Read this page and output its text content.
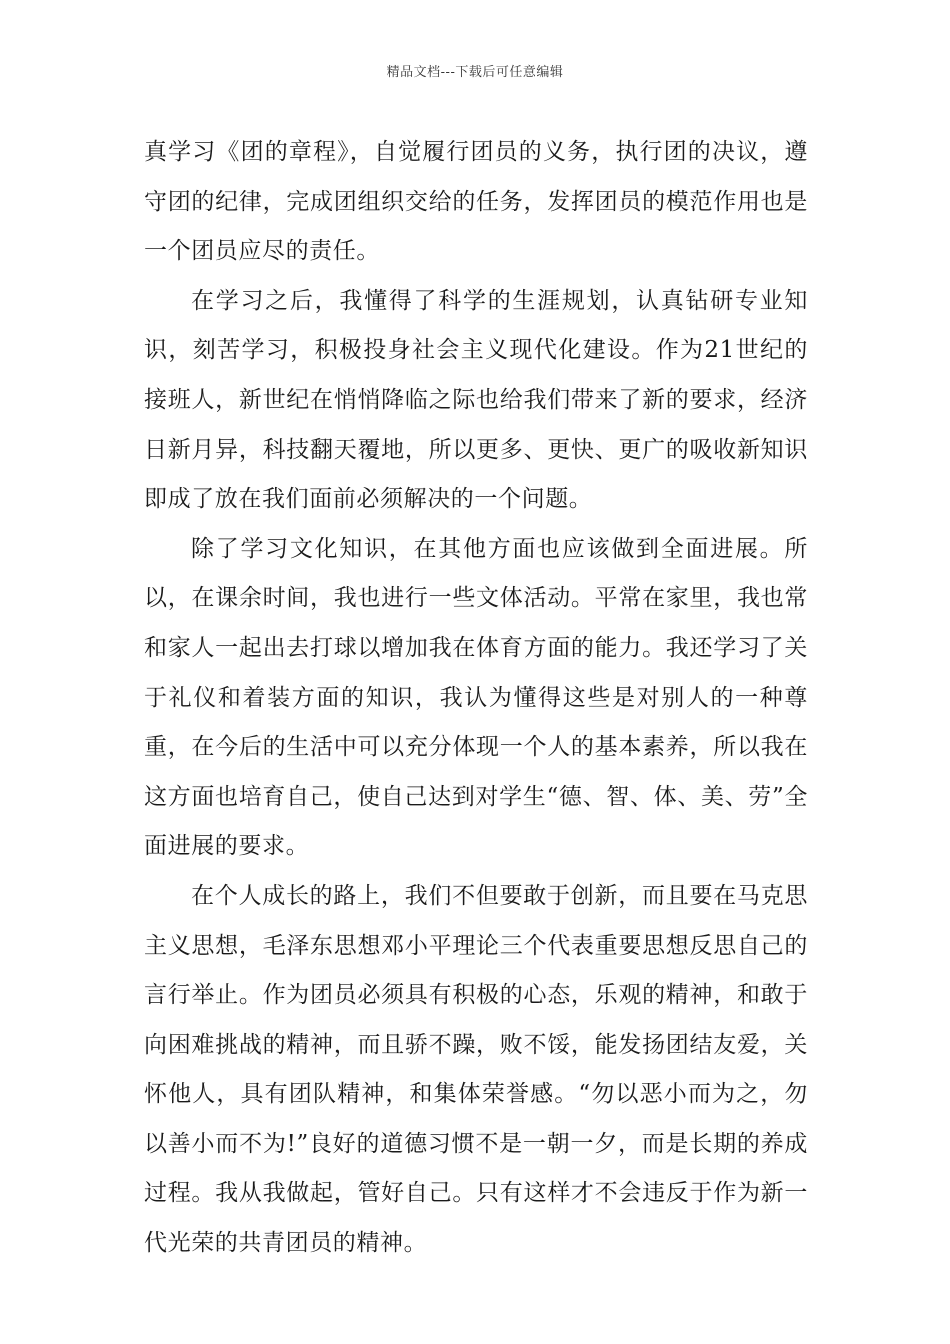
精品文档---下载后可任意编辑

真学习《团的章程》，自觉履行团员的义务，执行团的决议，遵守团的纪律，完成团组织交给的任务，发挥团员的模范作用也是一个团员应尽的责任。

在学习之后，我懂得了科学的生涯规划，认真钻研专业知识，刻苦学习，积极投身社会主义现代化建设。作为21世纪的接班人，新世纪在悄悄降临之际也给我们带来了新的要求，经济日新月异，科技翻天覆地，所以更多、更快、更广的吸收新知识即成了放在我们面前必须解决的一个问题。

除了学习文化知识，在其他方面也应该做到全面进展。所以，在课余时间，我也进行一些文体活动。平常在家里，我也常和家人一起出去打球以增加我在体育方面的能力。我还学习了关于礼仪和着装方面的知识，我认为懂得这些是对别人的一种尊重，在今后的生活中可以充分体现一个人的基本素养，所以我在这方面也培育自己，使自己达到对学生“德、智、体、美、劳”全面进展的要求。

在个人成长的路上，我们不但要敢于创新，而且要在马克思主义思想，毛泽东思想邓小平理论三个代表重要思想反思自己的言行举止。作为团员必须具有积极的心态，乐观的精神，和敢于向困难挑战的精神，而且骄不躁，败不馁，能发扬团结友爱，关怀他人，具有团队精神，和集体荣誉感。“勿以恶小而为之，勿以善小而不为!”良好的道德习惯不是一朝一夕，而是长期的养成过程。我从我做起，管好自己。只有这样才不会违反于作为新一代光荣的共青团员的精神。
